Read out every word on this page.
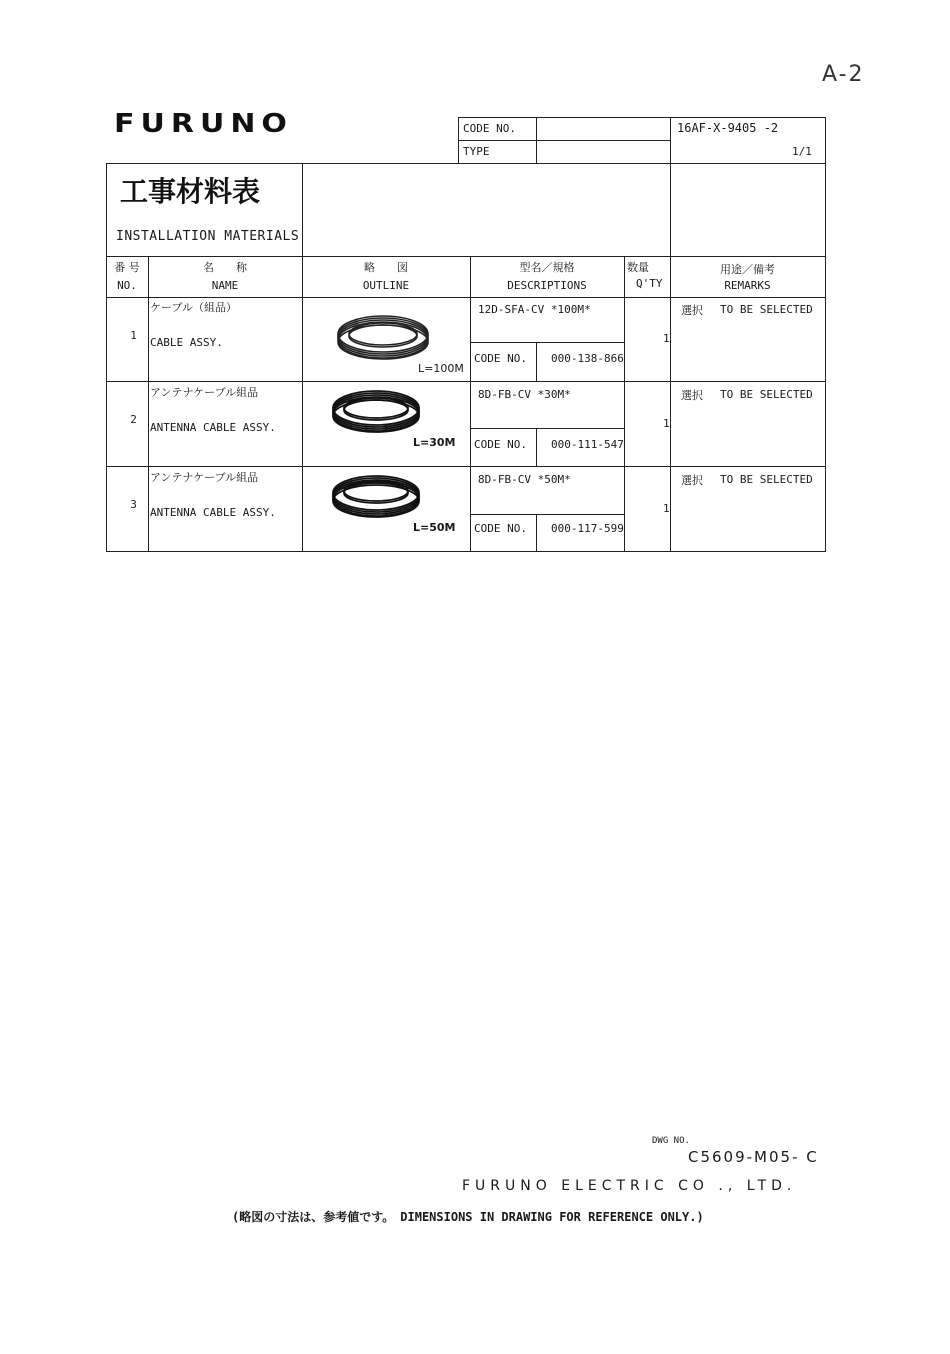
A-2
FURUNO	CODE NO.
TYPE
16AF-X-9405 -2
1/1
工事材料表
INSTALLATION MATERIALS
番 号
NO.
名　　称
NAME
略　　図
OUTLINE
型名／規格
DESCRIPTIONS
数量
Q'TY
用途／備考
REMARKS
1
ケーブル（組品）
CABLE ASSY.
L=100M
12D-SFA-CV *100M*
CODE NO. 000-138-866
1
選択 TO BE SELECTED
2
アンテナケーブル組品
ANTENNA CABLE ASSY.
L=30M
8D-FB-CV *30M*
CODE NO. 000-111-547
1
選択 TO BE SELECTED
3
アンテナケーブル組品
ANTENNA CABLE ASSY.
L=50M
8D-FB-CV *50M*
CODE NO. 000-117-599
1
選択 TO BE SELECTED
DWG NO.
C5609-M05- C
FURUNO ELECTRIC CO ., LTD.
(略図の寸法は、参考値です。　DIMENSIONS IN DRAWING FOR REFERENCE ONLY.)
